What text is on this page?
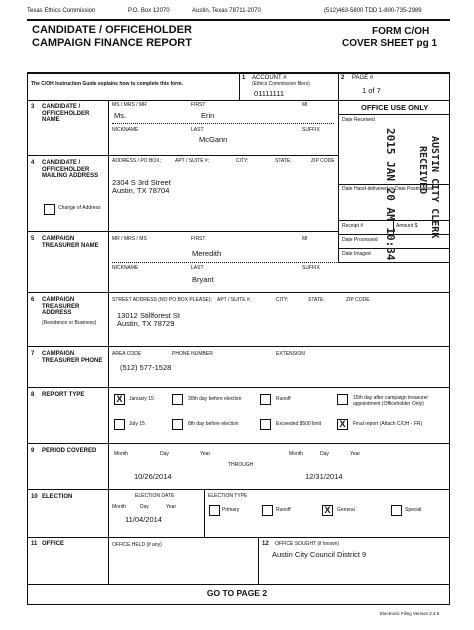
Texas Ethics Commission	P.O. Box 12070	Austin, Texas 78711-2070	(512)463-5800 TDD 1-800-735-2989
CANDIDATE / OFFICEHOLDER
CAMPAIGN FINANCE REPORT
FORM C/OH
COVER SHEET pg 1
The C/OH Instruction Guide explains how to complete this form.
1 ACCOUNT #
(Ethics Commission filers)
01111111
2 PAGE #
1 of 7
OFFICE USE ONLY
Date Received
Date Hand-delivered or Date Postmarked
Receipt #	Amount $
Date Processed
Date Imaged 2015 JAN 20 AM 10:34	AUSTIN CITY CLERK
RECEIVED
3 CANDIDATE / OFFICEHOLDER NAME
MS / MRS / MR	FIRST	MI
Ms.	Erin
NICKNAME	LAST	SUFFIX
McGann
4 CANDIDATE / OFFICEHOLDER MAILING ADDRESS
ADDRESS / PO BOX;	APT / SUITE #;	CITY;	STATE;	ZIP CODE
2304 S 3rd Street
Austin, TX 78704
Change of Address
5 CAMPAIGN TREASURER NAME
MR / MRS / MS	FIRST	MI
Meredith
NICKNAME	LAST	SUFFIX
Bryant
6 CAMPAIGN TREASURER ADDRESS
(Residence or Business)
STREET ADDRESS (NO PO BOX PLEASE); APT / SUITE #;	CITY;	STATE;	ZIP CODE
13012 Stillforest St
Austin, TX 78729
7 CAMPAIGN TREASURER PHONE
AREA CODE	PHONE NUMBER	EXTENSION
(512) 577-1528
8 REPORT TYPE	X	January 15	30th day before election	Runoff	15th day after campaign treasurer appointment (Officeholder Only)
July 15	8th day before election	Exceeded $500 limit X	Final report (Attach C/OH - FR)
9 PERIOD COVERED	Month	Day	Year	Month	Day	Year
THROUGH
10/26/2014	12/31/2014
10 ELECTION	ELECTION DATE
Month	Day	Year
11/04/2014
ELECTION TYPE
Primary	Runoff	X	General	Special
11 OFFICE	OFFICE HELD (if any)	12 OFFICE SOUGHT (if known)
Austin City Council District 9
GO TO PAGE 2
Electronic Filing Version 2.4.5
